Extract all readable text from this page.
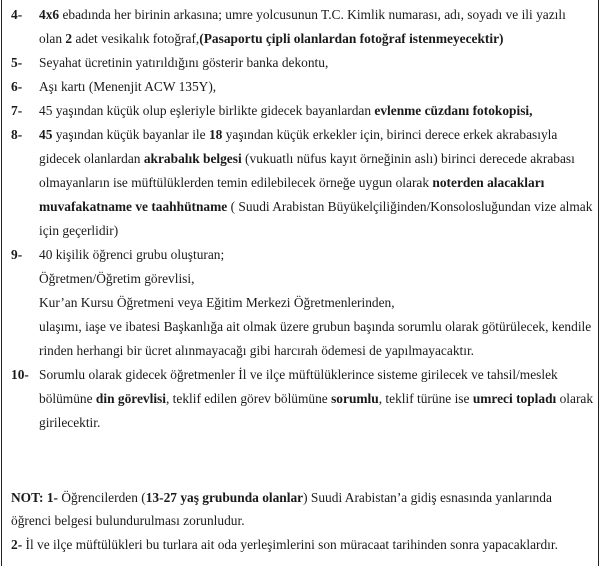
4- 4x6 ebadında her birinin arkasına; umre yolcusunun T.C. Kimlik numarası, adı, soyadı ve ili yazılı
olan 2 adet vesikalık fotoğraf,(Pasaportu çipli olanlardan fotoğraf istenmeyecektir)
5- Seyahat ücretinin yatırıldığını gösterir banka dekontu,
6- Aşı kartı (Menenjit ACW 135Y),
7- 45 yaşından küçük olup eşleriyle birlikte gidecek bayanlardan evlenme cüzdanı fotokopisi,
8- 45 yaşından küçük bayanlar ile 18 yaşından küçük erkekler için, birinci derece erkek akrabasıyla
gidecek olanlardan akrabalık belgesi (vukuatlı nüfus kayıt örneğinin aslı) birinci derecede akrabası
olmayanların ise müftülüklerden temin edilebilecek örneğe uygun olarak noterden alacakları
muvafakatname ve taahhütname ( Suudi Arabistan Büyükelçiliğinden/Konsolosluğundan vize almak
için geçerlidir)
9- 40 kişilik öğrenci grubu oluşturan;
Öğretmen/Öğretim görevlisi,
Kur’an Kursu Öğretmeni veya Eğitim Merkezi Öğretmenlerinden,
ulaşımı, iaşe ve ibatesi Başkanlığa ait olmak üzere grubun başında sorumlu olarak götürülecek, kendile
rinden herhangi bir ücret alınmayacağı gibi harcırah ödemesi de yapılmayacaktır.
10- Sorumlu olarak gidecek öğretmenler İl ve ilçe müftülüklerince sisteme girilecek ve tahsil/meslek
bölümüne din görevlisi, teklif edilen görev bölümüne sorumlu, teklif türüne ise umreci topladı olarak
girilecektir.
NOT: 1- Öğrencilerden (13-27 yaş grubunda olanlar) Suudi Arabistan’a gidiş esnasında yanlarında
öğrenci belgesi bulundurulması zorunludur.
2- İl ve ilçe müftülükleri bu turlara ait oda yerleşimlerini son müracaat tarihinden sonra yapacaklardır.
